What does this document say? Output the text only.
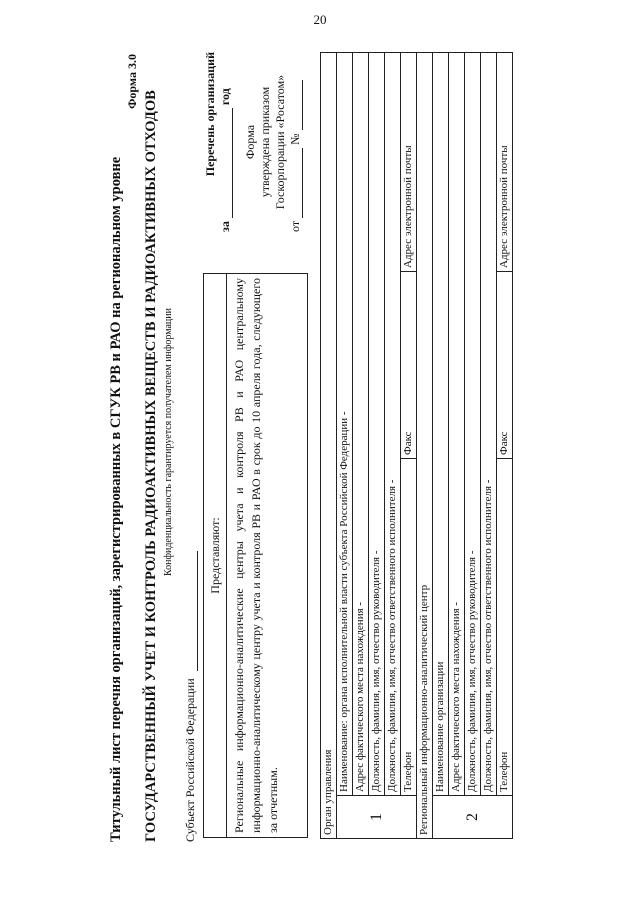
20
Титульный лист перечня организаций, зарегистрированных в СГУК РВ и РАО на региональном уровне
Форма 3.0
ГОСУДАРСТВЕННЫЙ УЧЕТ И КОНТРОЛЬ РАДИОАКТИВНЫХ ВЕЩЕСТВ И РАДИОАКТИВНЫХ ОТХОДОВ Конфиденциальность гарантируется получателем информации
Субъект Российской Федерации
Представляют: Региональные информационно-аналитические центры учета и контроля РВ и РАО центральному информационно-аналитическому центру учета и контроля РВ и РАО в срок до 10 апреля года, следующего за отчетным.
Перечень организаций
за  год
Форма утверждена приказом Госкорпорации «Росатом»
от  №
Орган управления			
1	Наименование: органа исполнительной власти субъекта Российской Федерации -		
	Адрес фактического места нахождения -		
	Должность, фамилия, имя, отчество руководителя -		
	Должность, фамилия, имя, отчество ответственного исполнителя -		
	Телефон	Факс	Адрес электронной почты
Региональный информационно-аналитический центр			
2	Наименование организации		
	Адрес фактического места нахождения -		
	Должность, фамилия, имя, отчество руководителя -		
	Должность, фамилия, имя, отчество ответственного исполнителя -		
	Телефон	Факс	Адрес электронной почты
